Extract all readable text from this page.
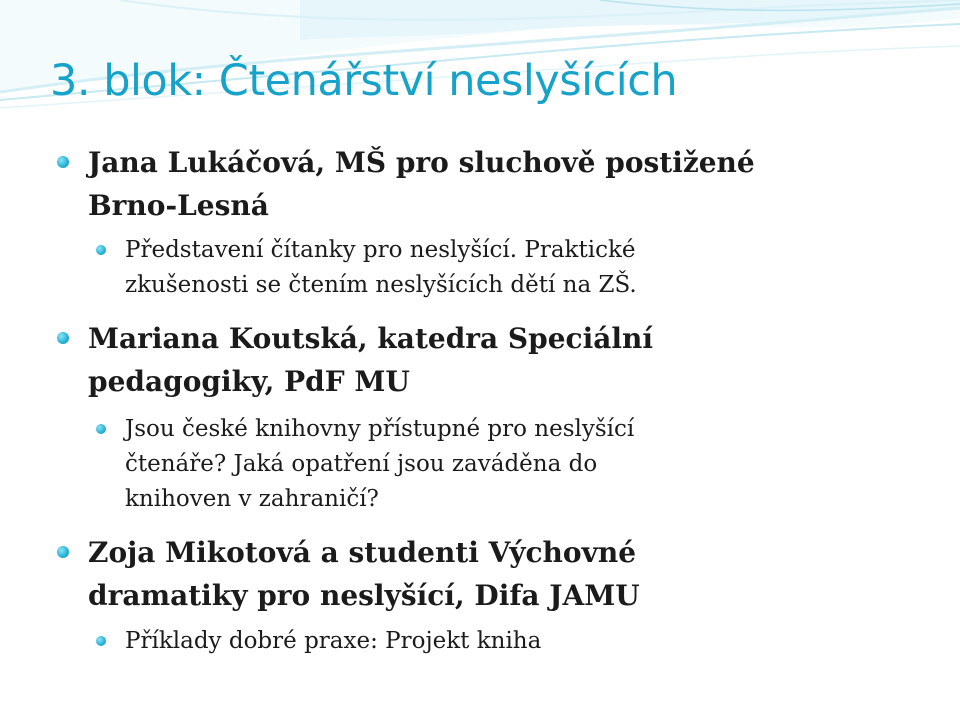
3. blok: Čtenářství neslyšících
Jana Lukáčová, MŠ pro sluchově postižené
Brno-Lesná
Představení čítanky pro neslyšící. Praktické
zkušenosti se čtením neslyšících dětí na ZŠ.
Mariana Koutská, katedra Speciální
pedagogiky, PdF MU
Jsou české knihovny přístupné pro neslyšící
čtenáře? Jaká opatření jsou zaváděna do
knihoven v zahraničí?
Zoja Mikotová a studenti Výchovné
dramatiky pro neslyšící, Difa JAMU
Příklady dobré praxe: Projekt kniha
